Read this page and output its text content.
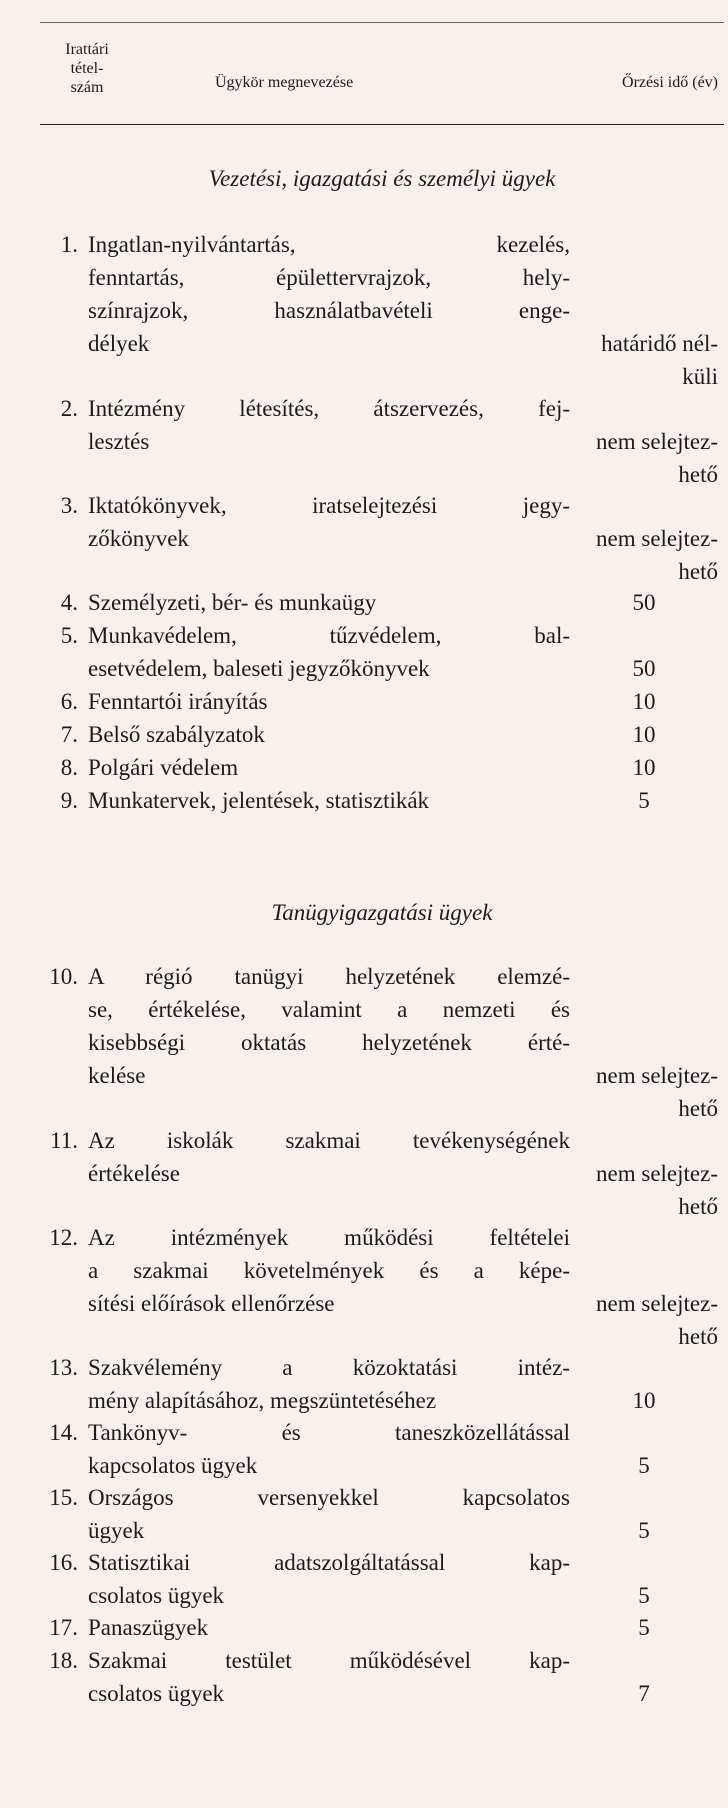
Irattári
tétel-
szám	Ügykör megnevezése	Őrzési idő (év)
Vezetési, igazgatási és személyi ügyek
1. Ingatlan-nyilvántartás, kezelés,
fenntartás, épülettervrajzok, hely-
színrajzok, használatbavételi enge-
délyek	határidő nél-
küli
2. Intézmény létesítés, átszervezés, fej-
lesztés	nem selejtez-
hető
3. Iktatókönyvek, iratselejtezési jegy-
zőkönyvek	nem selejtez-
hető
4. Személyzeti, bér- és munkaügy	50
5. Munkavédelem, tűzvédelem, bal-
esetvédelem, baleseti jegyzőkönyvek	50
6. Fenntartói irányítás	10
7. Belső szabályzatok	10
8. Polgári védelem	10
9. Munkatervek, jelentések, statisztikák	5
Tanügyigazgatási ügyek
10. A régió tanügyi helyzetének elemzé-
se, értékelése, valamint a nemzeti és
kisebbségi oktatás helyzetének érté-
kelése	nem selejtez-
hető
11. Az iskolák szakmai tevékenységének
értékelése	nem selejtez-
hető
12. Az intézmények működési feltételei
a szakmai követelmények és a képe-
sítési előírások ellenőrzése	nem selejtez-
hető
13. Szakvélemény a közoktatási intéz-
mény alapításához, megszüntetéséhez	10
14. Tankönyv- és taneszközellátással
kapcsolatos ügyek	5
15. Országos versenyekkel kapcsolatos
ügyek	5
16. Statisztikai adatszolgáltatással kap-
csolatos ügyek	5
17. Panaszügyek	5
18. Szakmai testület működésével kap-
csolatos ügyek	7
